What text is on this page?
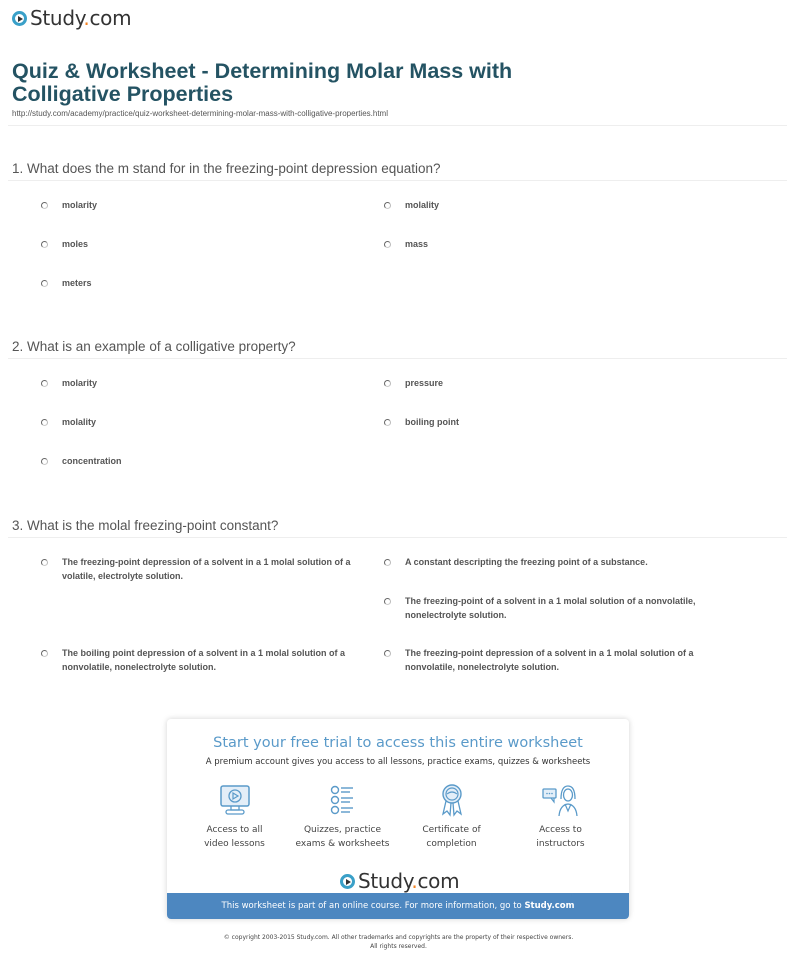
Study.com
Quiz & Worksheet - Determining Molar Mass with Colligative Properties
http://study.com/academy/practice/quiz-worksheet-determining-molar-mass-with-colligative-properties.html
1. What does the m stand for in the freezing-point depression equation?
molarity	molality
moles	mass
meters
2. What is an example of a colligative property?
molarity	pressure
molality	boiling point
concentration
3. What is the molal freezing-point constant?
The freezing-point depression of a solvent in a 1 molal solution of a volatile, electrolyte solution.
A constant descripting the freezing point of a substance.
The freezing-point of a solvent in a 1 molal solution of a nonvolatile, nonelectrolyte solution.
The boiling point depression of a solvent in a 1 molal solution of a nonvolatile, nonelectrolyte solution.
The freezing-point depression of a solvent in a 1 molal solution of a nonvolatile, nonelectrolyte solution.
Start your free trial to access this entire worksheet
A premium account gives you access to all lessons, practice exams, quizzes & worksheets
Access to all
video lessons
Quizzes, practice
exams & worksheets
Certificate of
completion
Access to
instructors
Study.com
This worksheet is part of an online course. For more information, go to Study.com
© copyright 2003-2015 Study.com. All other trademarks and copyrights are the property of their respective owners.
All rights reserved.
